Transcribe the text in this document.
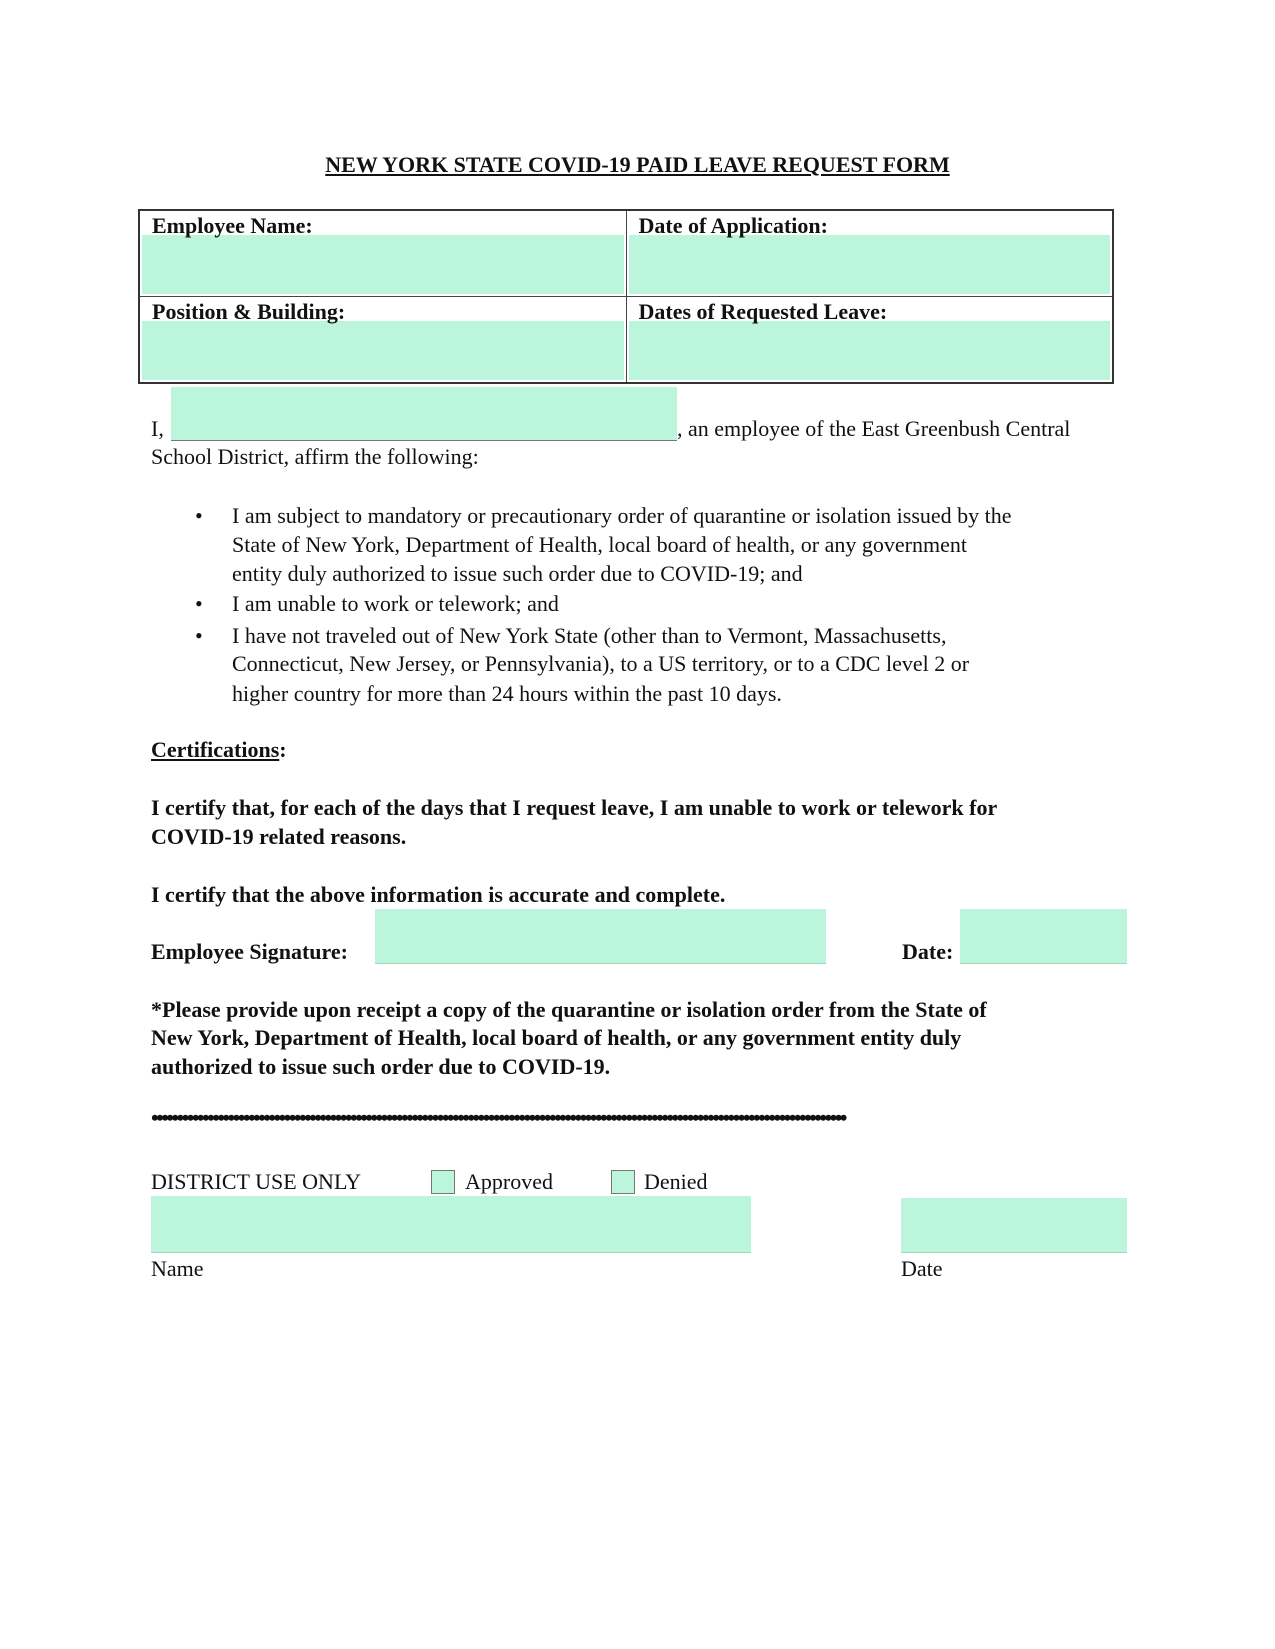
NEW YORK STATE COVID-19 PAID LEAVE REQUEST FORM
Employee Name:	Date of Application:

Position & Building:	Dates of Requested Leave:
I,	, an employee of the East Greenbush Central
School District, affirm the following:
• I am subject to mandatory or precautionary order of quarantine or isolation issued by the
State of New York, Department of Health, local board of health, or any government
entity duly authorized to issue such order due to COVID-19; and
• I am unable to work or telework; and
• I have not traveled out of New York State (other than to Vermont, Massachusetts,
Connecticut, New Jersey, or Pennsylvania), to a US territory, or to a CDC level 2 or
higher country for more than 24 hours within the past 10 days.
Certifications:
I certify that, for each of the days that I request leave, I am unable to work or telework for
COVID-19 related reasons.
I certify that the above information is accurate and complete.
Employee Signature:	Date:
*Please provide upon receipt a copy of the quarantine or isolation order from the State of
New York, Department of Health, local board of health, or any government entity duly
authorized to issue such order due to COVID-19.
••••••••••••••••••••••••••••••••••••••••••••••••••••••••••••••••••••••••••••••••••••••••••••••••••••••••••••••••••••••••••••••••••••••••
DISTRICT USE ONLY	Approved	Denied
Name	Date
